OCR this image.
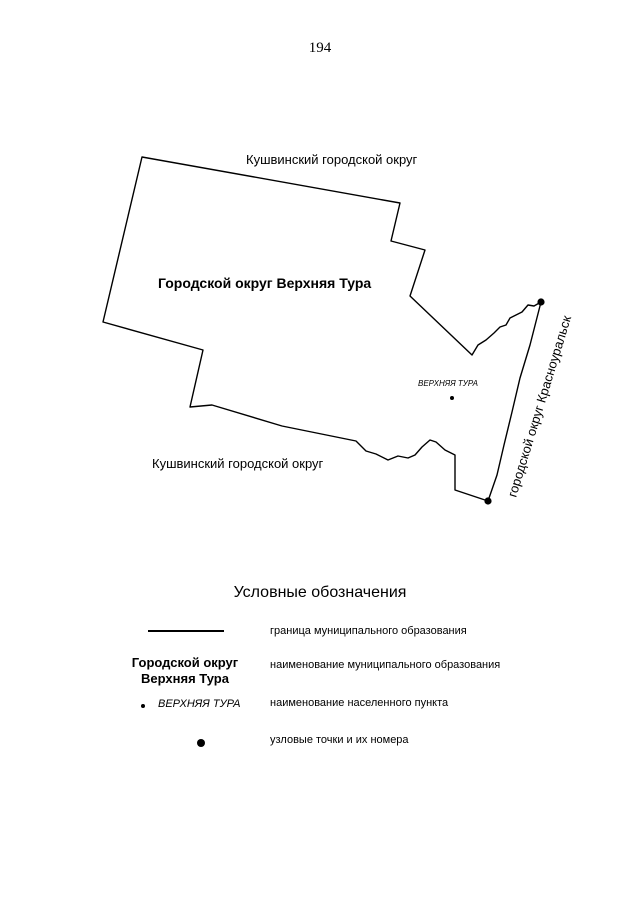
194
Кушвинский городской округ
Кушвинский городской округ
Городской округ Верхняя Тура
ВЕРХНЯЯ ТУРА городской округ Красноуральск
Условные обозначения
граница муниципального образования
Городской округ
Верхняя Тура
наименование муниципального образования
ВЕРХНЯЯ ТУРА	наименование населенного пункта
узловые точки и их номера
